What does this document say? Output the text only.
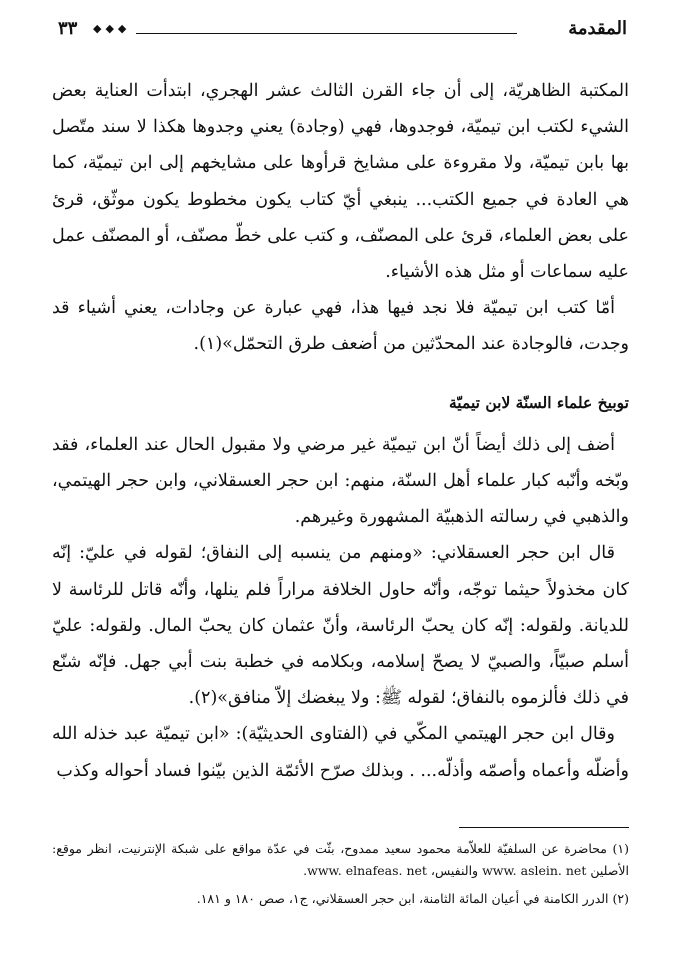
المقدمة
◆◆◆
٣٣

المكتبة الظاهريّة، إلى أن جاء القرن الثالث عشر الهجري، ابتدأت العناية بعض الشيء لكتب ابن تيميّة، فوجدوها، فهي (وجادة) يعني وجدوها هكذا لا سند متّصل بها بابن تيميّة، ولا مقروءة على مشايخ قرأوها على مشايخهم إلى ابن تيميّة، كما هي العادة في جميع الكتب... ينبغي أيّ كتاب يكون مخطوط يكون موثّق، قرئ على بعض العلماء، قرئ على المصنّف، و كتب على خطّ مصنّف، أو المصنّف عمل عليه سماعات أو مثل هذه الأشياء.

أمّا كتب ابن تيميّة فلا نجد فيها هذا، فهي عبارة عن وجادات، يعني أشياء قد وجدت، فالوجادة عند المحدّثين من أضعف طرق التحمّل»(١).

توبيخ علماء السنّة لابن تيميّة

أضف إلى ذلك أيضاً أنّ ابن تيميّة غير مرضي ولا مقبول الحال عند العلماء، فقد وبّخه وأنّبه كبار علماء أهل السنّة، منهم: ابن حجر العسقلاني، وابن حجر الهيتمي، والذهبي في رسالته الذهبيّة المشهورة وغيرهم.

قال ابن حجر العسقلاني: «ومنهم من ينسبه إلى النفاق؛ لقوله في عليّ: إنّه كان مخذولاً حيثما توجّه، وأنّه حاول الخلافة مراراً فلم ينلها، وأنّه قاتل للرئاسة لا للديانة. ولقوله: إنّه كان يحبّ الرئاسة، وأنّ عثمان كان يحبّ المال. ولقوله: عليّ أسلم صبيّاً، والصبيّ لا يصحّ إسلامه، وبكلامه في خطبة بنت أبي جهل. فإنّه شنّع في ذلك فألزموه بالنفاق؛ لقوله ﷺ: ولا يبغضك إلاّ منافق»(٢).

وقال ابن حجر الهيتمي المكّي في (الفتاوى الحديثيّة): «ابن تيميّة عبد خذله الله وأضلّه وأعماه وأصمّه وأذلّه... . وبذلك صرّح الأئمّة الذين بيّنوا فساد أحواله وكذب

(١) محاضرة عن السلفيّة للعلاّمة محمود سعيد ممدوح، بثّت في عدّة مواقع على شبكة الإنترنيت، انظر موقع: الأصلين www. aslein. net والنفيس، www. elnafeas. net.

(٢) الدرر الكامنة في أعيان المائة الثامنة، ابن حجر العسقلاني، ج١، صص ١٨٠ و ١٨١.
